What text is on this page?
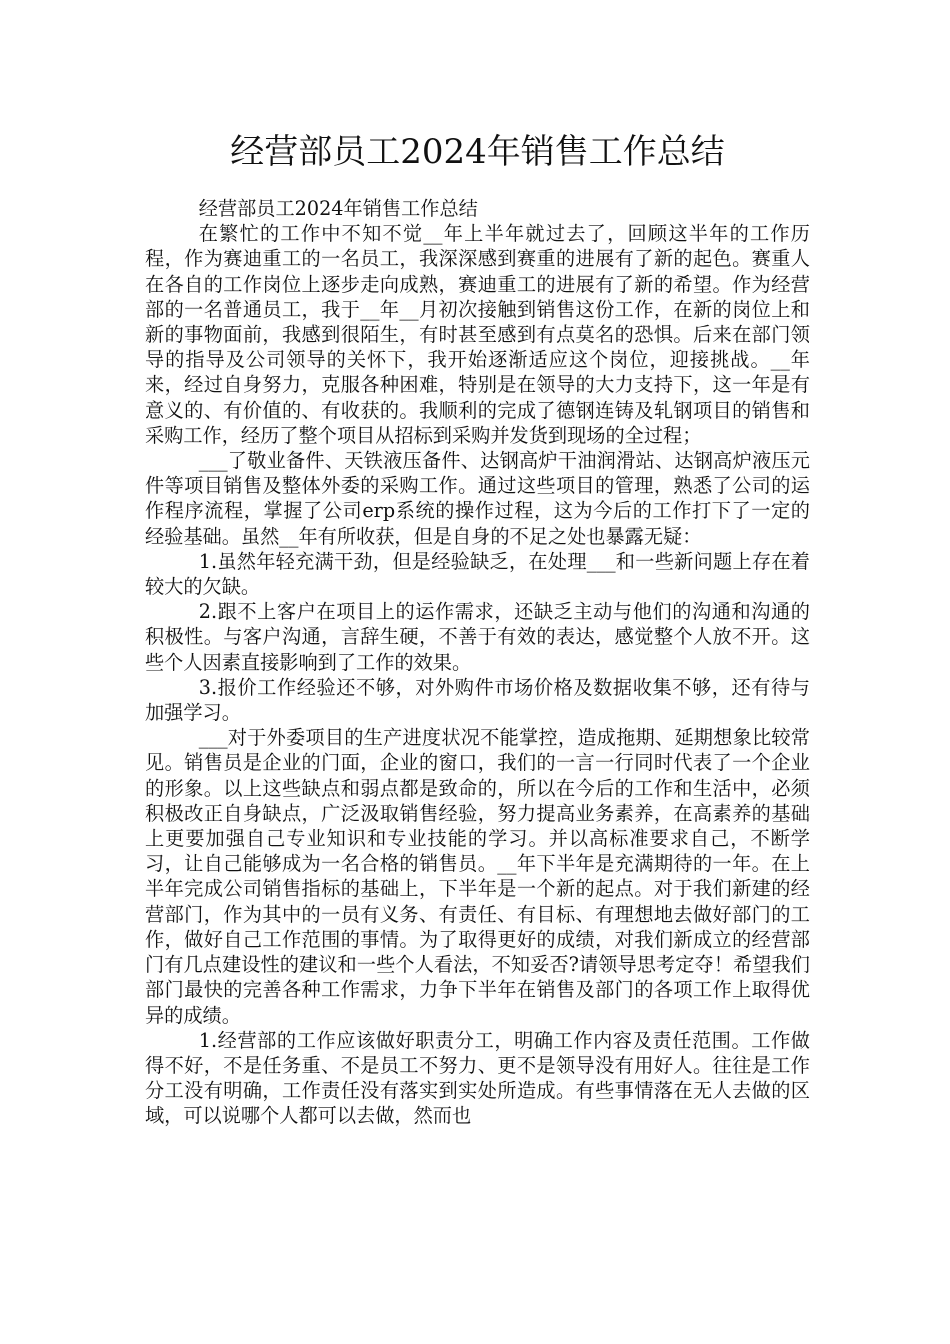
经营部员工2024年销售工作总结

经营部员工2024年销售工作总结

在繁忙的工作中不知不觉__年上半年就过去了，回顾这半年的工作历程，作为赛迪重工的一名员工，我深深感到赛重的进展有了新的起色。赛重人在各自的工作岗位上逐步走向成熟，赛迪重工的进展有了新的希望。作为经营部的一名普通员工，我于__年__月初次接触到销售这份工作，在新的岗位上和新的事物面前，我感到很陌生，有时甚至感到有点莫名的恐惧。后来在部门领导的指导及公司领导的关怀下，我开始逐渐适应这个岗位，迎接挑战。__年来，经过自身努力，克服各种困难，特别是在领导的大力支持下，这一年是有意义的、有价值的、有收获的。我顺利的完成了德钢连铸及轧钢项目的销售和采购工作，经历了整个项目从招标到采购并发货到现场的全过程；

___了敬业备件、天铁液压备件、达钢高炉干油润滑站、达钢高炉液压元件等项目销售及整体外委的采购工作。通过这些项目的管理，熟悉了公司的运作程序流程，掌握了公司erp系统的操作过程，这为今后的工作打下了一定的经验基础。虽然__年有所收获，但是自身的不足之处也暴露无疑：

1.虽然年轻充满干劲，但是经验缺乏，在处理___和一些新问题上存在着较大的欠缺。

2.跟不上客户在项目上的运作需求，还缺乏主动与他们的沟通和沟通的积极性。与客户沟通，言辞生硬，不善于有效的表达，感觉整个人放不开。这些个人因素直接影响到了工作的效果。

3.报价工作经验还不够，对外购件市场价格及数据收集不够，还有待与加强学习。

___对于外委项目的生产进度状况不能掌控，造成拖期、延期想象比较常见。销售员是企业的门面，企业的窗口，我们的一言一行同时代表了一个企业的形象。以上这些缺点和弱点都是致命的，所以在今后的工作和生活中，必须积极改正自身缺点，广泛汲取销售经验，努力提高业务素养，在高素养的基础上更要加强自己专业知识和专业技能的学习。并以高标准要求自己，不断学习，让自己能够成为一名合格的销售员。__年下半年是充满期待的一年。在上半年完成公司销售指标的基础上，下半年是一个新的起点。对于我们新建的经营部门，作为其中的一员有义务、有责任、有目标、有理想地去做好部门的工作，做好自己工作范围的事情。为了取得更好的成绩，对我们新成立的经营部门有几点建设性的建议和一些个人看法，不知妥否?请领导思考定夺！希望我们部门最快的完善各种工作需求，力争下半年在销售及部门的各项工作上取得优异的成绩。

1.经营部的工作应该做好职责分工，明确工作内容及责任范围。工作做得不好，不是任务重、不是员工不努力、更不是领导没有用好人。往往是工作分工没有明确，工作责任没有落实到实处所造成。有些事情落在无人去做的区域，可以说哪个人都可以去做，然而也
